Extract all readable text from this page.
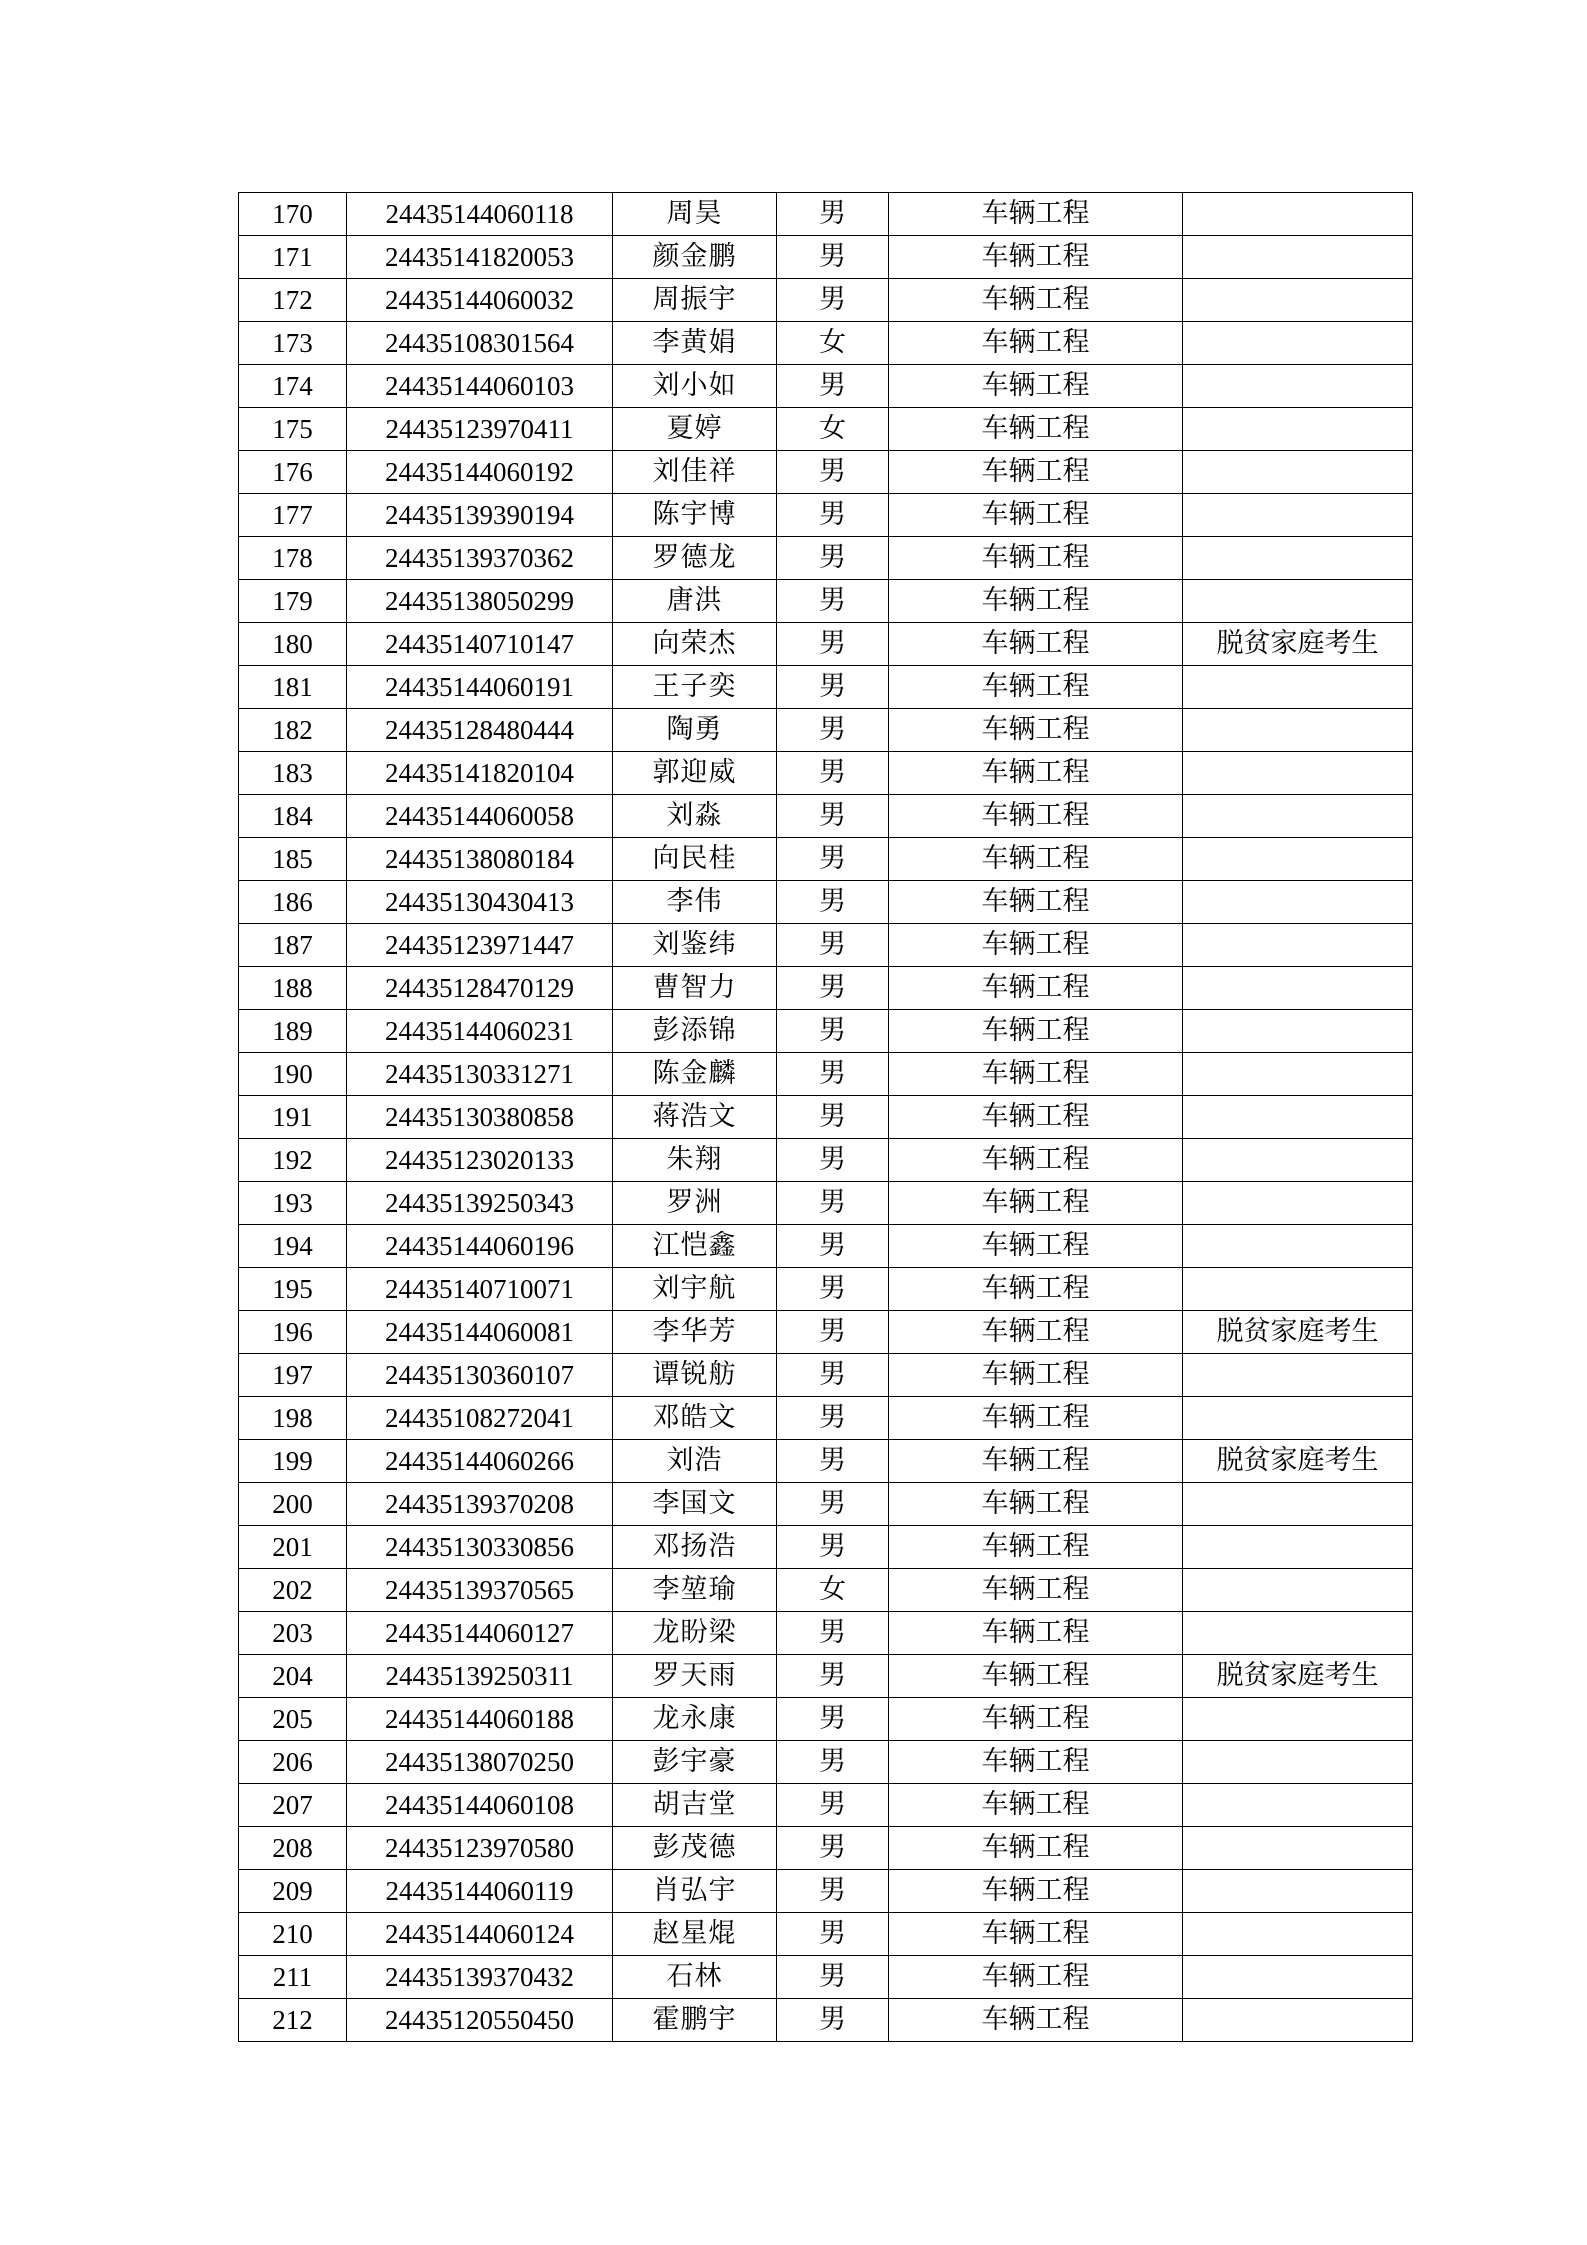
170	24435144060118	周昊	男	车辆工程	
171	24435141820053	颜金鹏	男	车辆工程	
172	24435144060032	周振宇	男	车辆工程	
173	24435108301564	李黄娟	女	车辆工程	
174	24435144060103	刘小如	男	车辆工程	
175	24435123970411	夏婷	女	车辆工程	
176	24435144060192	刘佳祥	男	车辆工程	
177	24435139390194	陈宇博	男	车辆工程	
178	24435139370362	罗德龙	男	车辆工程	
179	24435138050299	唐洪	男	车辆工程	
180	24435140710147	向荣杰	男	车辆工程	脱贫家庭考生
181	24435144060191	王子奕	男	车辆工程	
182	24435128480444	陶勇	男	车辆工程	
183	24435141820104	郭迎威	男	车辆工程	
184	24435144060058	刘淼	男	车辆工程	
185	24435138080184	向民桂	男	车辆工程	
186	24435130430413	李伟	男	车辆工程	
187	24435123971447	刘鉴纬	男	车辆工程	
188	24435128470129	曹智力	男	车辆工程	
189	24435144060231	彭添锦	男	车辆工程	
190	24435130331271	陈金麟	男	车辆工程	
191	24435130380858	蒋浩文	男	车辆工程	
192	24435123020133	朱翔	男	车辆工程	
193	24435139250343	罗洲	男	车辆工程	
194	24435144060196	江恺鑫	男	车辆工程	
195	24435140710071	刘宇航	男	车辆工程	
196	24435144060081	李华芳	男	车辆工程	脱贫家庭考生
197	24435130360107	谭锐舫	男	车辆工程	
198	24435108272041	邓皓文	男	车辆工程	
199	24435144060266	刘浩	男	车辆工程	脱贫家庭考生
200	24435139370208	李国文	男	车辆工程	
201	24435130330856	邓扬浩	男	车辆工程	
202	24435139370565	李堃瑜	女	车辆工程	
203	24435144060127	龙盼梁	男	车辆工程	
204	24435139250311	罗天雨	男	车辆工程	脱贫家庭考生
205	24435144060188	龙永康	男	车辆工程	
206	24435138070250	彭宇豪	男	车辆工程	
207	24435144060108	胡吉堂	男	车辆工程	
208	24435123970580	彭茂德	男	车辆工程	
209	24435144060119	肖弘宇	男	车辆工程	
210	24435144060124	赵星焜	男	车辆工程	
211	24435139370432	石林	男	车辆工程	
212	24435120550450	霍鹏宇	男	车辆工程	
